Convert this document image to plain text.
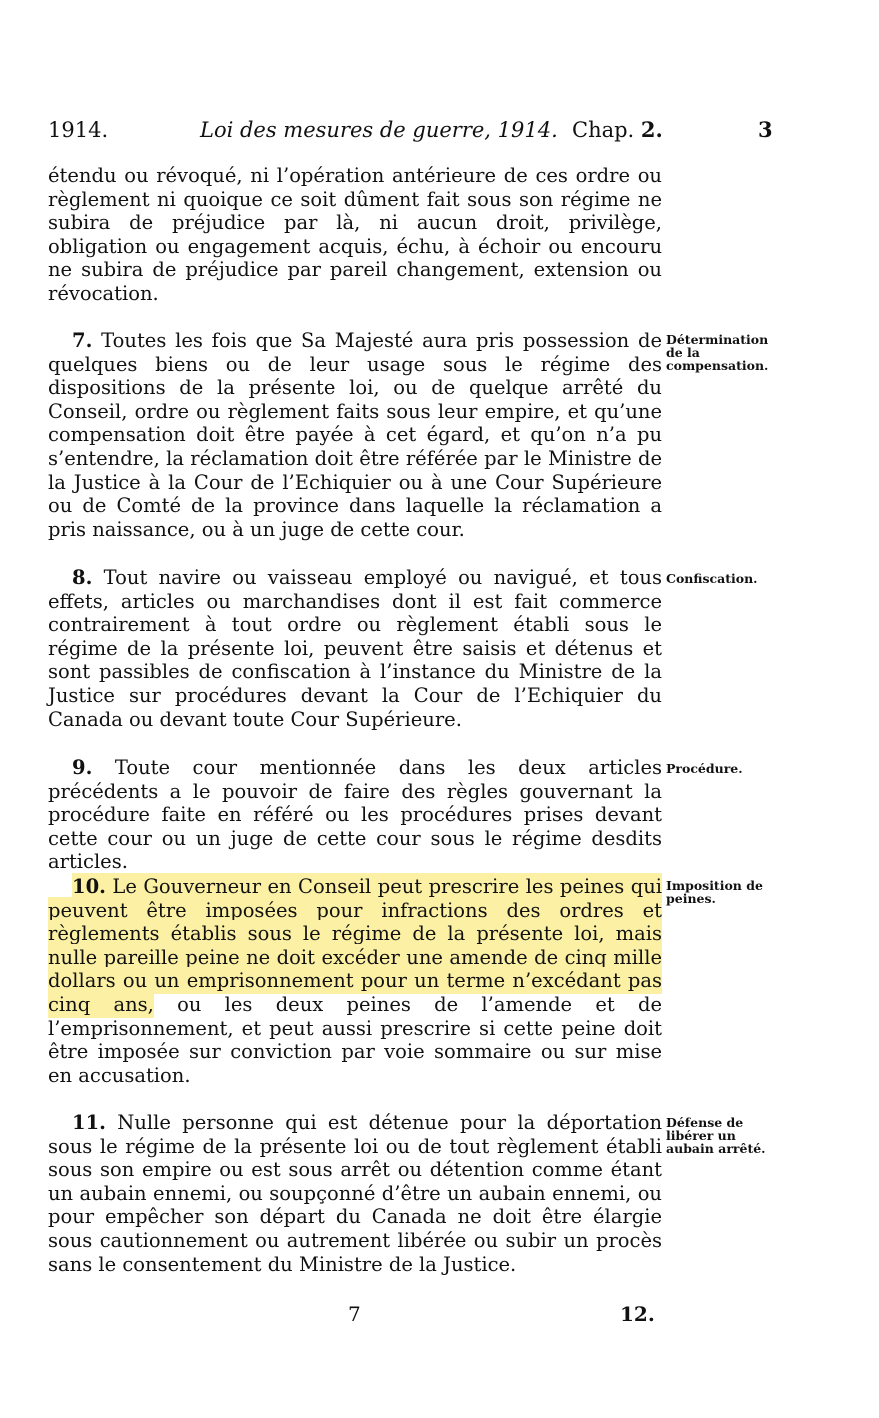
1914.	Loi des mesures de guerre, 1914. Chap. 2.	3

étendu ou révoqué, ni l’opération antérieure de ces ordre ou règlement ni quoique ce soit dûment fait sous son régime ne subira de préjudice par là, ni aucun droit, privilège, obligation ou engagement acquis, échu, à échoir ou encouru ne subira de préjudice par pareil changement, extension ou révocation.

7. Toutes les fois que Sa Majesté aura pris possession de quelques biens ou de leur usage sous le régime des dispositions de la présente loi, ou de quelque arrêté du Conseil, ordre ou règlement faits sous leur empire, et qu’une compensation doit être payée à cet égard, et qu’on n’a pu s’entendre, la réclamation doit être référée par le Ministre de la Justice à la Cour de l’Echiquier ou à une Cour Supérieure ou de Comté de la province dans laquelle la réclamation a pris naissance, ou à un juge de cette cour.

Détermination de la compensation.

8. Tout navire ou vaisseau employé ou navigué, et tous effets, articles ou marchandises dont il est fait commerce contrairement à tout ordre ou règlement établi sous le régime de la présente loi, peuvent être saisis et détenus et sont passibles de confiscation à l’instance du Ministre de la Justice sur procédures devant la Cour de l’Echiquier du Canada ou devant toute Cour Supérieure.

Confiscation.

9. Toute cour mentionnée dans les deux articles précédents a le pouvoir de faire des règles gouvernant la procédure faite en référé ou les procédures prises devant cette cour ou un juge de cette cour sous le régime desdits articles.

Procédure.

10. Le Gouverneur en Conseil peut prescrire les peines qui peuvent être imposées pour infractions des ordres et règlements établis sous le régime de la présente loi, mais nulle pareille peine ne doit excéder une amende de cinq mille dollars ou un emprisonnement pour un terme n’excédant pas cinq ans, ou les deux peines de l’amende et de l’emprisonnement, et peut aussi prescrire si cette peine doit être imposée sur conviction par voie sommaire ou sur mise en accusation.

Imposition de peines.

11. Nulle personne qui est détenue pour la déportation sous le régime de la présente loi ou de tout règlement établi sous son empire ou est sous arrêt ou détention comme étant un aubain ennemi, ou soupçonné d’être un aubain ennemi, ou pour empêcher son départ du Canada ne doit être élargie sous cautionnement ou autrement libérée ou subir un procès sans le consentement du Ministre de la Justice.

Défense de libérer un aubain arrêté.
7	12.
